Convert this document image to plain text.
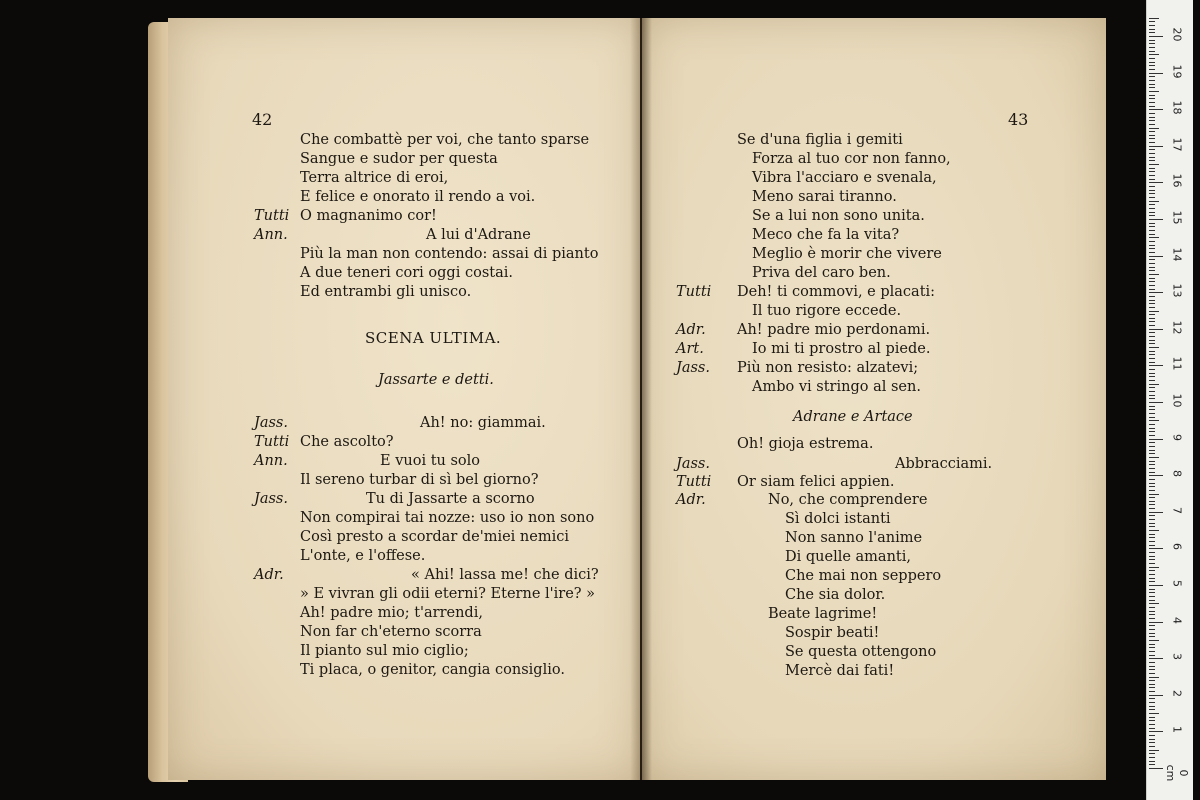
42
Che combattè per voi, che tanto sparse
Sangue e sudor per questa
Terra altrice di eroi,
E felice e onorato il rendo a voi.
Tutti O magnanimo cor!
Ann.	A lui d'Adrane
Più la man non contendo: assai di pianto
A due teneri cori oggi costai.
Ed entrambi gli unisco.
SCENA ULTIMA.
Jassarte e detti.
Jass.	Ah! no: giammai.
Tutti Che ascolto?
Ann.	E vuoi tu solo
Il sereno turbar di sì bel giorno?
Jass.	Tu di Jassarte a scorno
Non compirai tai nozze: uso io non sono
Così presto a scordar de'miei nemici
L'onte, e l'offese.
Adr.	« Ahi! lassa me! che dici?
» E vivran gli odii eterni? Eterne l'ire? »
Ah! padre mio; t'arrendi,
Non far ch'eterno scorra
Il pianto sul mio ciglio;
Ti placa, o genitor, cangia consiglio.
43
Se d'una figlia i gemiti
Forza al tuo cor non fanno,
Vibra l'acciaro e svenala,
Meno sarai tiranno.
Se a lui non sono unita.
Meco che fa la vita?
Meglio è morir che vivere
Priva del caro ben.
Tutti Deh! ti commovi, e placati:
Il tuo rigore eccede.
Adr. Ah! padre mio perdonami.
Art.	Io mi ti prostro al piede.
Jass. Più non resisto: alzatevi;
Ambo vi stringo al sen.
Adrane e Artace
Oh! gioja estrema.
Jass.	Abbracciami.
Tutti Or siam felici appien.
Adr.	No, che comprendere
Sì dolci istanti
Non sanno l'anime
Di quelle amanti,
Che mai non seppero
Che sia dolor.
Beate lagrime!
Sospir beati!
Se questa ottengono
Mercè dai fati!
0 cm
1
2
3
4
5
6
7
8
9
10
11
12
13
14
15
16
17
18
19
20
